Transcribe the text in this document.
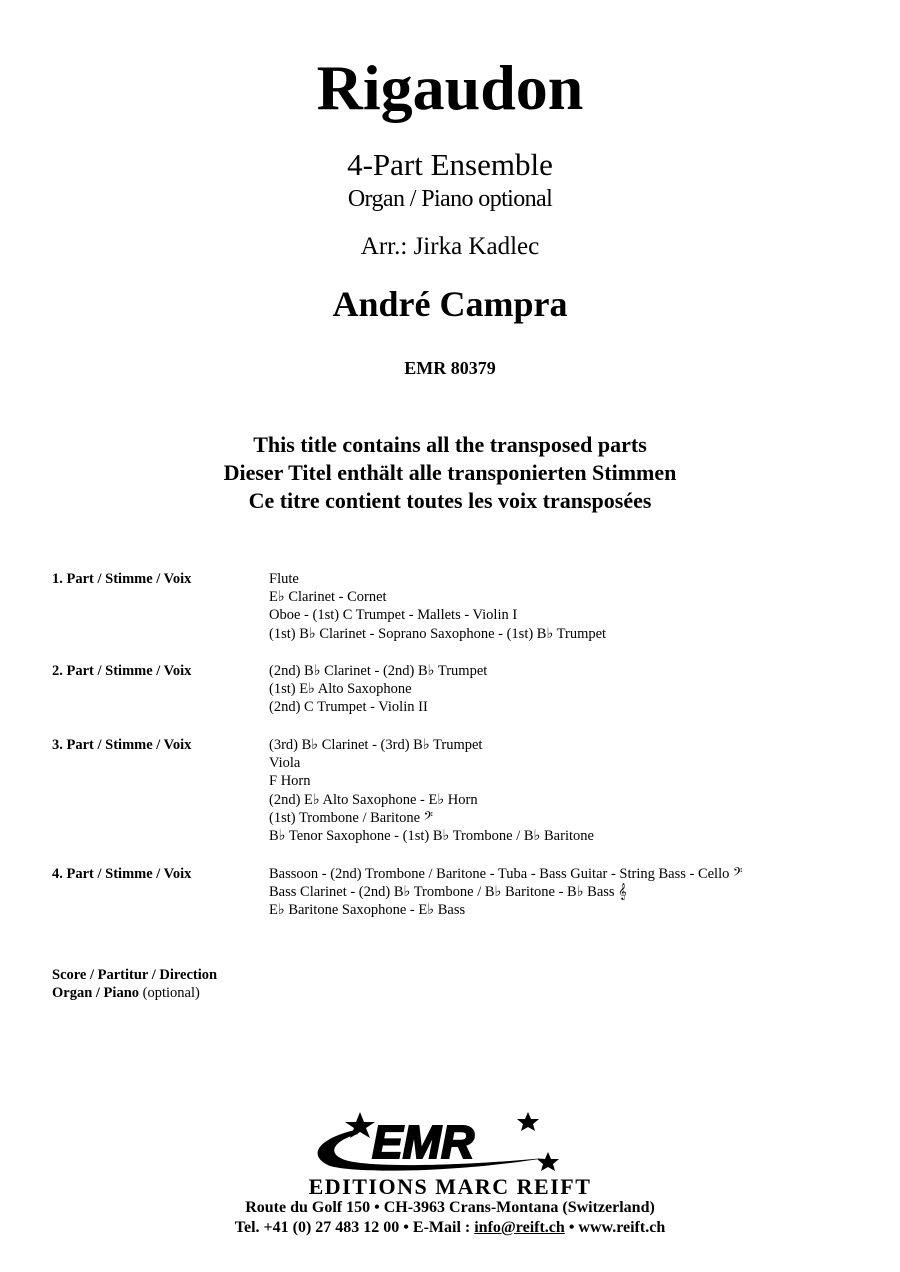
Rigaudon
4-Part Ensemble
Organ / Piano optional
Arr.: Jirka Kadlec
André Campra
EMR 80379
This title contains all the transposed parts
Dieser Titel enthält alle transponierten Stimmen
Ce titre contient toutes les voix transposées
1. Part / Stimme / Voix	Flute
E♭ Clarinet - Cornet
Oboe - (1st) C Trumpet - Mallets - Violin I
(1st) B♭ Clarinet - Soprano Saxophone - (1st) B♭ Trumpet
2. Part / Stimme / Voix	(2nd) B♭ Clarinet - (2nd) B♭ Trumpet
(1st) E♭ Alto Saxophone
(2nd) C Trumpet - Violin II
3. Part / Stimme / Voix	(3rd) B♭ Clarinet - (3rd) B♭ Trumpet
Viola
F Horn
(2nd) E♭ Alto Saxophone - E♭ Horn
(1st) Trombone / Baritone 𝄢
B♭ Tenor Saxophone - (1st) B♭ Trombone / B♭ Baritone
4. Part / Stimme / Voix	Bassoon - (2nd) Trombone / Baritone - Tuba - Bass Guitar - String Bass - Cello 𝄢
Bass Clarinet - (2nd) B♭ Trombone / B♭ Baritone - B♭ Bass 𝄞
E♭ Baritone Saxophone - E♭ Bass
Score / Partitur / Direction
Organ / Piano (optional)
EMR
EDITIONS MARC REIFT
Route du Golf 150 • CH-3963 Crans-Montana (Switzerland)
Tel. +41 (0) 27 483 12 00 • E-Mail : info@reift.ch • www.reift.ch
